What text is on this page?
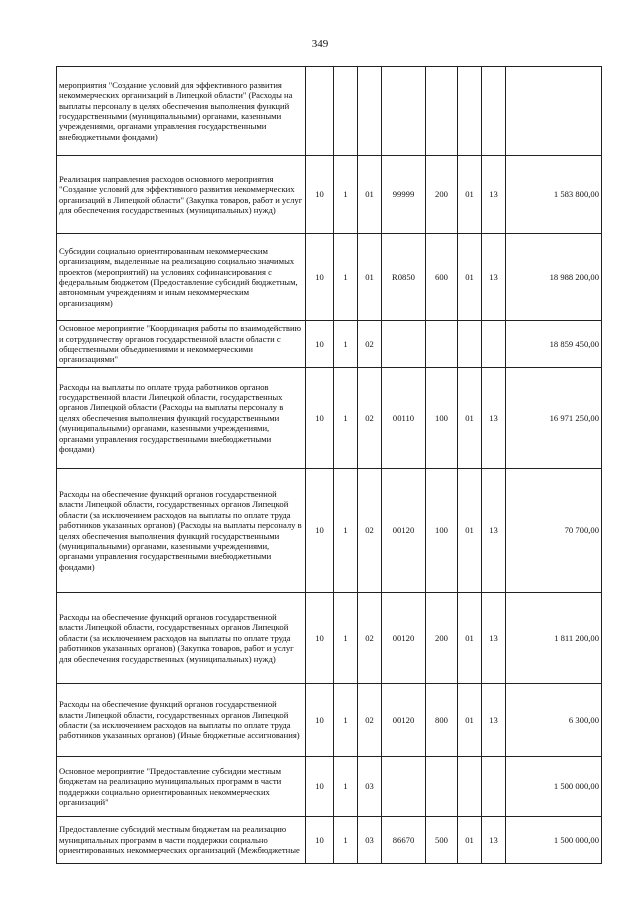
349
мероприятия "Создание условий для эффективного развития некоммерческих организаций в Липецкой области" (Расходы на выплаты персоналу в целях обеспечения выполнения функций государственными (муниципальными) органами, казенными учреждениями, органами управления государственными внебюджетными фондами)								
Реализация направления расходов основного мероприятия "Создание условий для эффективного развития некоммерческих организаций в Липецкой области" (Закупка товаров, работ и услуг для обеспечения государственных (муниципальных) нужд)	10	1	01	99999	200	01	13	1 583 800,00
Субсидии социально ориентированным некоммерческим организациям, выделенные на реализацию социально значимых проектов (мероприятий) на условиях софинансирования с федеральным бюджетом (Предоставление субсидий бюджетным, автономным учреждениям и иным некоммерческим организациям)	10	1	01	R0850	600	01	13	18 988 200,00
Основное мероприятие "Координация работы по взаимодействию и сотрудничеству органов государственной власти области с общественными объединениями и некоммерческими организациями"	10	1	02					18 859 450,00
Расходы на выплаты по оплате труда работников органов государственной власти Липецкой области, государственных органов Липецкой области (Расходы на выплаты персоналу в целях обеспечения выполнения функций государственными (муниципальными) органами, казенными учреждениями, органами управления государственными внебюджетными фондами)	10	1	02	00110	100	01	13	16 971 250,00
Расходы на обеспечение функций органов государственной власти Липецкой области, государственных органов Липецкой области (за исключением расходов на выплаты по оплате труда работников указанных органов) (Расходы на выплаты персоналу в целях обеспечения выполнения функций государственными (муниципальными) органами, казенными учреждениями, органами управления государственными внебюджетными фондами)	10	1	02	00120	100	01	13	70 700,00
Расходы на обеспечение функций органов государственной власти Липецкой области, государственных органов Липецкой области (за исключением расходов на выплаты по оплате труда работников указанных органов) (Закупка товаров, работ и услуг для обеспечения государственных (муниципальных) нужд)	10	1	02	00120	200	01	13	1 811 200,00
Расходы на обеспечение функций органов государственной власти Липецкой области, государственных органов Липецкой области (за исключением расходов на выплаты по оплате труда работников указанных органов) (Иные бюджетные ассигнования)	10	1	02	00120	800	01	13	6 300,00
Основное мероприятие "Предоставление субсидии местным бюджетам на реализацию муниципальных программ в части поддержки социально ориентированных некоммерческих организаций"	10	1	03					1 500 000,00
Предоставление субсидий местным бюджетам на реализацию муниципальных программ в части поддержки социально ориентированных некоммерческих организаций (Межбюджетные	10	1	03	86670	500	01	13	1 500 000,00
